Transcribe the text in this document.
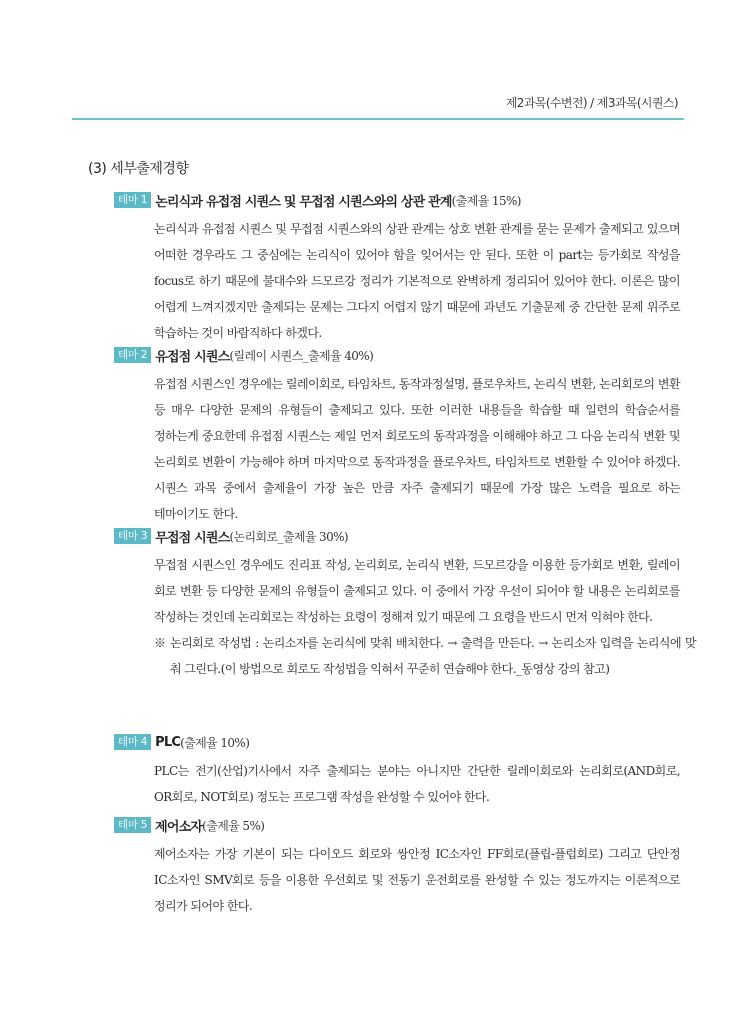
제2과목(수변전) / 제3과목(시퀀스)
(3) 세부출제경향
테마 1 논리식과 유접점 시퀀스 및 무접점 시퀀스와의 상관 관계 (출제율 15%)
논리식과 유접점 시퀀스 및 무접점 시퀀스와의 상관 관계는 상호 변환 관계를 묻는 문제가 출제되고 있으며 어떠한 경우라도 그 중심에는 논리식이 있어야 함을 잊어서는 안 된다. 또한 이 part는 등가회로 작성을 focus로 하기 때문에 불대수와 드모르강 정리가 기본적으로 완벽하게 정리되어 있어야 한다. 이론은 많이 어렵게 느껴지겠지만 출제되는 문제는 그다지 어렵지 않기 때문에 과년도 기출문제 중 간단한 문제 위주로 학습하는 것이 바람직하다 하겠다.
테마 2 유접점 시퀀스 (릴레이 시퀀스_출제율 40%)
유접점 시퀀스인 경우에는 릴레이회로, 타임차트, 동작과정설명, 플로우차트, 논리식 변환, 논리회로의 변환 등 매우 다양한 문제의 유형들이 출제되고 있다. 또한 이러한 내용들을 학습할 때 일련의 학습순서를 정하는게 중요한데 유접점 시퀀스는 제일 먼저 회로도의 동작과정을 이해해야 하고 그 다음 논리식 변환 및 논리회로 변환이 가능해야 하며 마지막으로 동작과정을 플로우차트, 타임차트로 변환할 수 있어야 하겠다. 시퀀스 과목 중에서 출제율이 가장 높은 만큼 자주 출제되기 때문에 가장 많은 노력을 필요로 하는 테마이기도 한다.
테마 3 무접점 시퀀스 (논리회로_출제율 30%)
무접점 시퀀스인 경우에도 진리표 작성, 논리회로, 논리식 변환, 드모르강을 이용한 등가회로 변환, 릴레이 회로 변환 등 다양한 문제의 유형들이 출제되고 있다. 이 중에서 가장 우선이 되어야 할 내용은 논리회로를 작성하는 것인데 논리회로는 작성하는 요령이 정해져 있기 때문에 그 요령을 반드시 먼저 익혀야 한다.
※ 논리회로 작성법 : 논리소자를 논리식에 맞춰 배치한다. → 출력을 만든다. → 논리소자 입력을 논리식에 맞춰 그린다.(이 방법으로 회로도 작성법을 익혀서 꾸준히 연습해야 한다._동영상 강의 참고)
테마 4 PLC (출제율 10%)
PLC는 전기(산업)기사에서 자주 출제되는 분야는 아니지만 간단한 릴레이회로와 논리회로(AND회로, OR회로, NOT회로) 정도는 프로그램 작성을 완성할 수 있어야 한다.
테마 5 제어소자 (출제율 5%)
제어소자는 가장 기본이 되는 다이오드 회로와 쌍안정 IC소자인 FF회로(플립-플럽회로) 그리고 단안정 IC소자인 SMV회로 등을 이용한 우선회로 및 전동기 운전회로를 완성할 수 있는 정도까지는 이론적으로 정리가 되어야 한다.
